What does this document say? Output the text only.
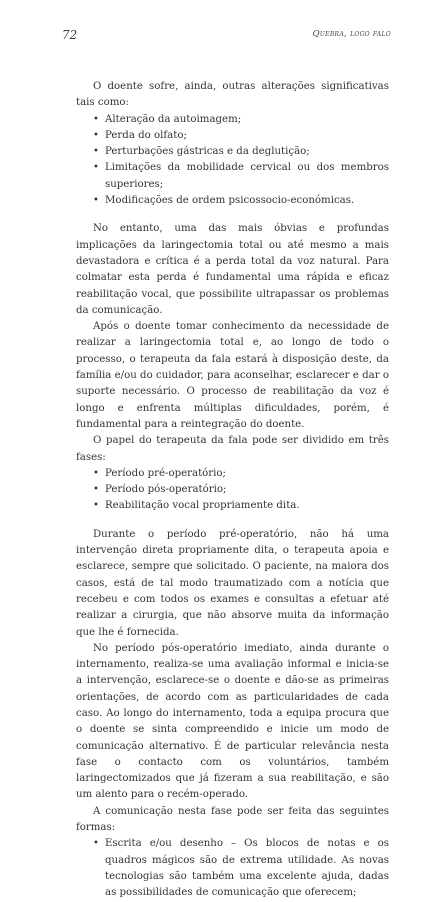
72	Quebra, logo falo

O doente sofre, ainda, outras alterações significativas tais como:

• Alteração da autoimagem;
• Perda do olfato;
• Perturbações gástricas e da deglutição;
• Limitações da mobilidade cervical ou dos membros superiores;
• Modificações de ordem psicossocio-económicas.

No entanto, uma das mais óbvias e profundas implicações da laringectomia total ou até mesmo a mais devastadora e crítica é a perda total da voz natural. Para colmatar esta perda é fundamental uma rápida e eficaz reabilitação vocal, que possibilite ultrapassar os problemas da comunicação.

Após o doente tomar conhecimento da necessidade de realizar a laringectomia total e, ao longo de todo o processo, o terapeuta da fala estará à disposição deste, da família e/ou do cuidador, para aconselhar, esclarecer e dar o suporte necessário. O processo de reabilitação da voz é longo e enfrenta múltiplas dificuldades, porém, é fundamental para a reintegração do doente.

O papel do terapeuta da fala pode ser dividido em três fases:

• Período pré-operatório;
• Período pós-operatório;
• Reabilitação vocal propriamente dita.

Durante o período pré-operatório, não há uma intervenção direta propriamente dita, o terapeuta apoia e esclarece, sempre que solicitado. O paciente, na maiora dos casos, está de tal modo traumatizado com a notícia que recebeu e com todos os exames e consultas a efetuar até realizar a cirurgia, que não absorve muita da informação que lhe é fornecida.

No período pós-operatório imediato, ainda durante o internamento, realiza-se uma avaliação informal e inicia-se a intervenção, esclarece-se o doente e dão-se as primeiras orientações, de acordo com as particularidades de cada caso. Ao longo do internamento, toda a equipa procura que o doente se sinta compreendido e inicie um modo de comunicação alternativo. É de particular relevância nesta fase o contacto com os voluntários, também laringectomizados que já fizeram a sua reabilitação, e são um alento para o recém-operado.

A comunicação nesta fase pode ser feita das seguintes formas:

• Escrita e/ou desenho – Os blocos de notas e os quadros mágicos são de extrema utilidade. As novas tecnologias são também uma excelente ajuda, dadas as possibilidades de comunicação que oferecem;
